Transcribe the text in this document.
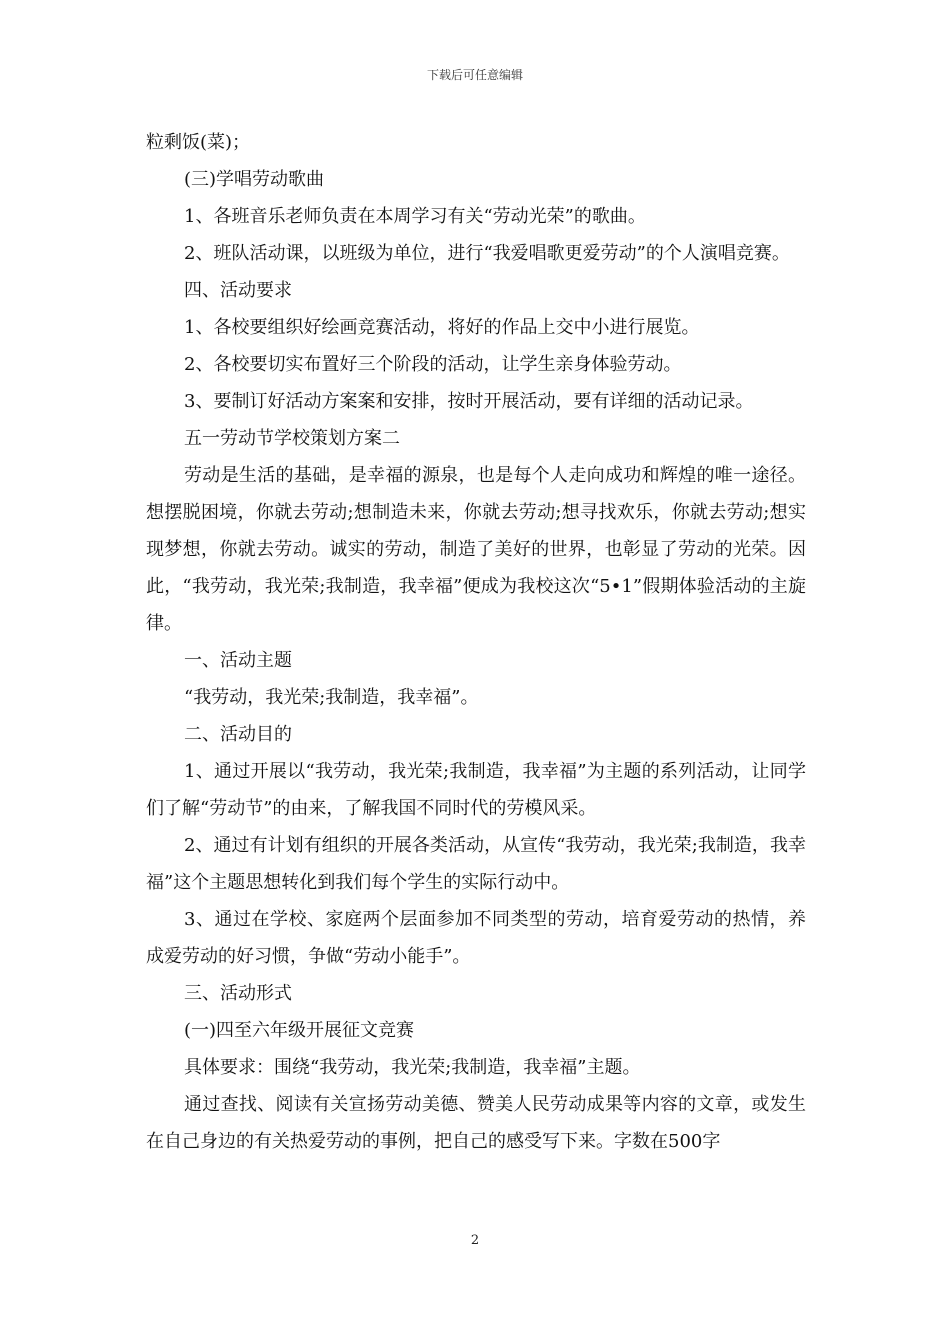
下载后可任意编辑

粒剩饭(菜)；

(三)学唱劳动歌曲

1、各班音乐老师负责在本周学习有关“劳动光荣”的歌曲。

2、班队活动课，以班级为单位，进行“我爱唱歌更爱劳动”的个人演唱竞赛。

四、活动要求

1、各校要组织好绘画竞赛活动，将好的作品上交中小进行展览。

2、各校要切实布置好三个阶段的活动，让学生亲身体验劳动。

3、要制订好活动方案案和安排，按时开展活动，要有详细的活动记录。

五一劳动节学校策划方案二

劳动是生活的基础，是幸福的源泉，也是每个人走向成功和辉煌的唯一途径。想摆脱困境，你就去劳动;想制造未来，你就去劳动;想寻找欢乐，你就去劳动;想实现梦想，你就去劳动。诚实的劳动，制造了美好的世界，也彰显了劳动的光荣。因此，“我劳动，我光荣;我制造，我幸福”便成为我校这次“5•1”假期体验活动的主旋律。

一、活动主题

“我劳动，我光荣;我制造，我幸福”。

二、活动目的

1、通过开展以“我劳动，我光荣;我制造，我幸福”为主题的系列活动，让同学们了解“劳动节”的由来，了解我国不同时代的劳模风采。

2、通过有计划有组织的开展各类活动，从宣传“我劳动，我光荣;我制造，我幸福”这个主题思想转化到我们每个学生的实际行动中。

3、通过在学校、家庭两个层面参加不同类型的劳动，培育爱劳动的热情，养成爱劳动的好习惯，争做“劳动小能手”。

三、活动形式

(一)四至六年级开展征文竞赛

具体要求：围绕“我劳动，我光荣;我制造，我幸福”主题。

通过查找、阅读有关宣扬劳动美德、赞美人民劳动成果等内容的文章，或发生在自己身边的有关热爱劳动的事例，把自己的感受写下来。字数在500字

2
